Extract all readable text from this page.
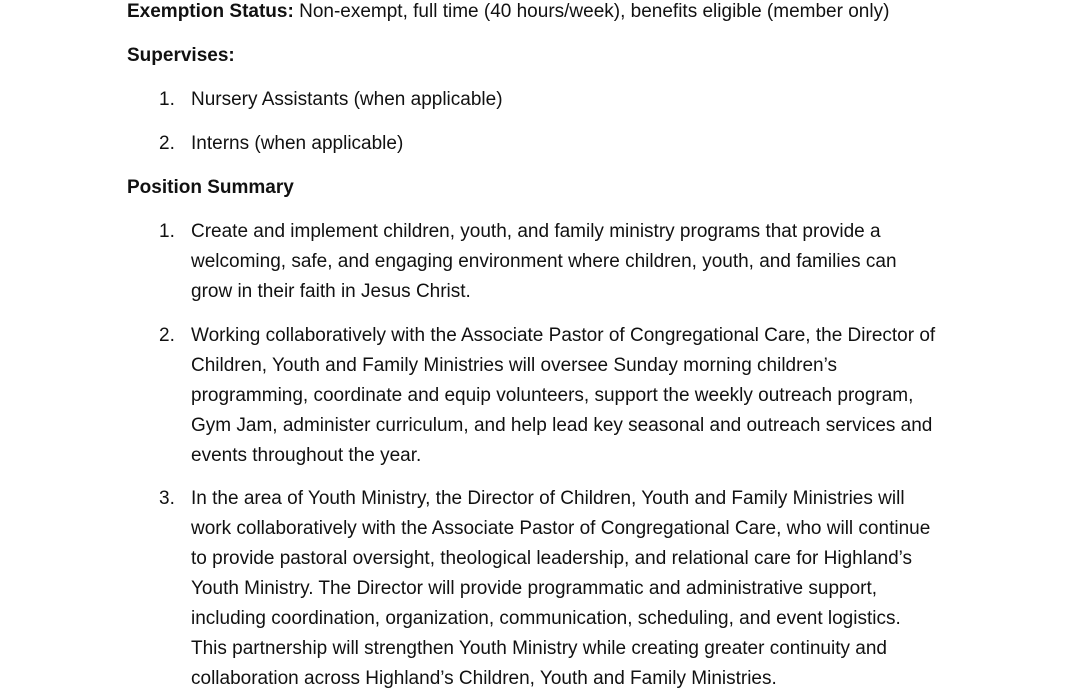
Exemption Status: Non-exempt, full time (40 hours/week), benefits eligible (member only)
Supervises:
1. Nursery Assistants (when applicable)
2. Interns (when applicable)
Position Summary
1. Create and implement children, youth, and family ministry programs that provide a
welcoming, safe, and engaging environment where children, youth, and families can
grow in their faith in Jesus Christ.
2. Working collaboratively with the Associate Pastor of Congregational Care, the Director of
Children, Youth and Family Ministries will oversee Sunday morning children’s
programming, coordinate and equip volunteers, support the weekly outreach program,
Gym Jam, administer curriculum, and help lead key seasonal and outreach services and
events throughout the year.
3. In the area of Youth Ministry, the Director of Children, Youth and Family Ministries will
work collaboratively with the Associate Pastor of Congregational Care, who will continue
to provide pastoral oversight, theological leadership, and relational care for Highland’s
Youth Ministry. The Director will provide programmatic and administrative support,
including coordination, organization, communication, scheduling, and event logistics.
This partnership will strengthen Youth Ministry while creating greater continuity and
collaboration across Highland’s Children, Youth and Family Ministries.
